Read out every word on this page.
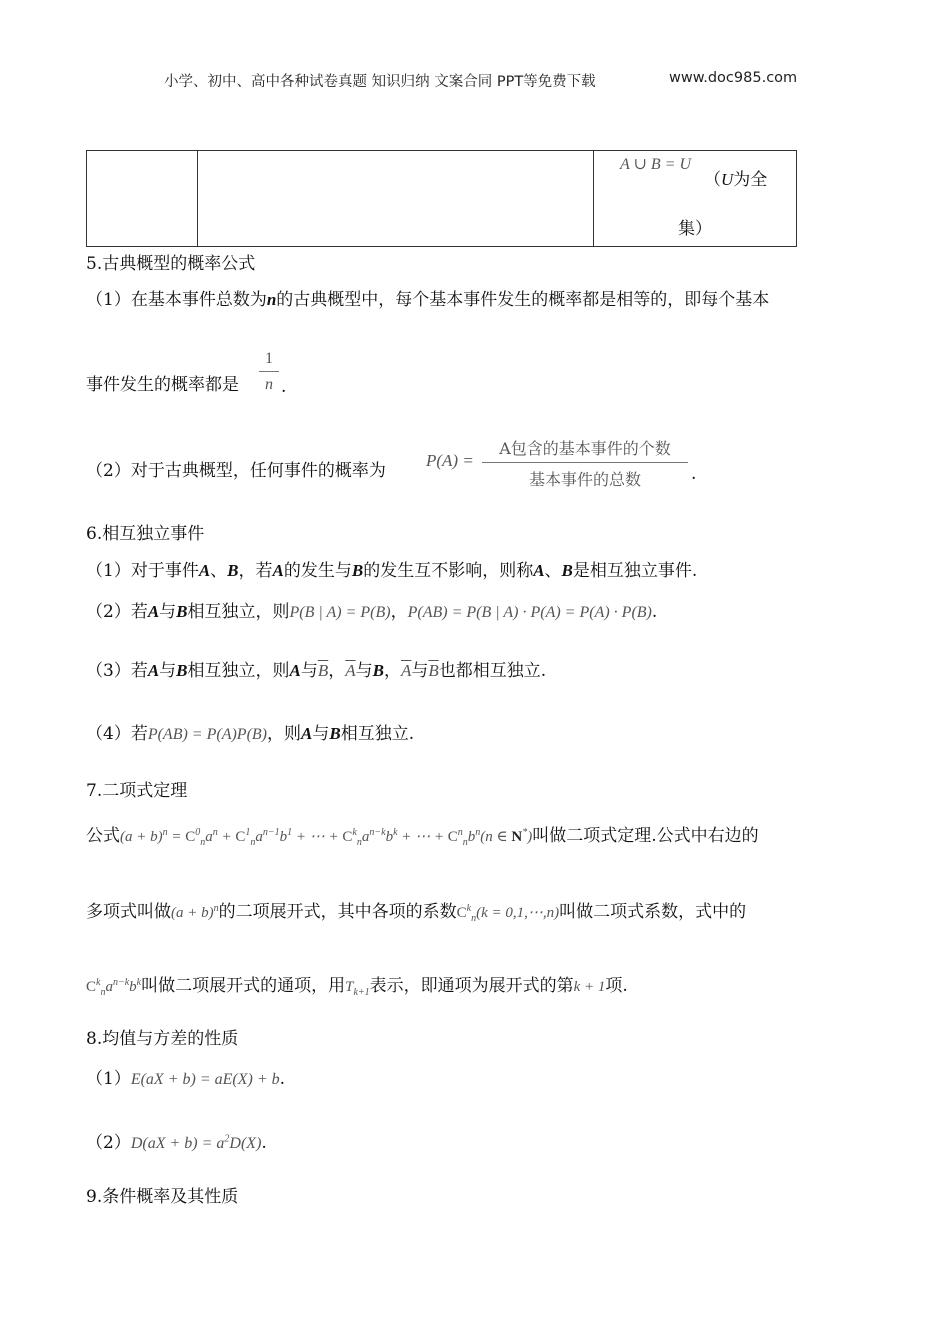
小学、初中、高中各种试卷真题 知识归纳 文案合同 PPT等免费下载	www.doc985.com

A ∪ B = U
（U为全
集）
5.古典概型的概率公式
（1）在基本事件总数为n的古典概型中，每个基本事件发生的概率都是相等的，即每个基本
事件发生的概率都是
1
n .
（2）对于古典概型，任何事件的概率为
P(A) =
A包含的基本事件的个数
基本事件的总数	.
6.相互独立事件
（1）对于事件A、B，若A的发生与B的发生互不影响，则称A、B是相互独立事件.
（2）若A与B相互独立，则P(B | A) = P(B)，P(AB) = P(B | A) · P(A) = P(A) · P(B).
（3）若A与B相互独立，则A与$\overline{B}$，$\overline{A}$与B，$\overline{A}$与$\overline{B}$也都相互独立.
（4）若P(AB) = P(A)P(B)，则A与B相互独立.
7.二项式定理
公式$(a + b)^n = C^0_na^n + C^1_na^{n-1}b^1$ + ⋯ + $C^k_na^{n-k}b^k$ + ⋯ + $C^n_nb^n(n$ ∈ N*)叫做二项式定理.公式中右边的
多项式叫做$(a + b)^n$的二项展开式，其中各项的系数$C^k_n(k$ = 0,1,⋯,n)叫做二项式系数，式中的
$C^k_na^{n-k}b^k$叫做二项展开式的通项，用$T_{k+1}$表示，即通项为展开式的第k + 1项.
8.均值与方差的性质
（1）E(aX + b) = aE(X) + b.
$(2)D(aX + b) = a^2D(X)$.
9.条件概率及其性质
